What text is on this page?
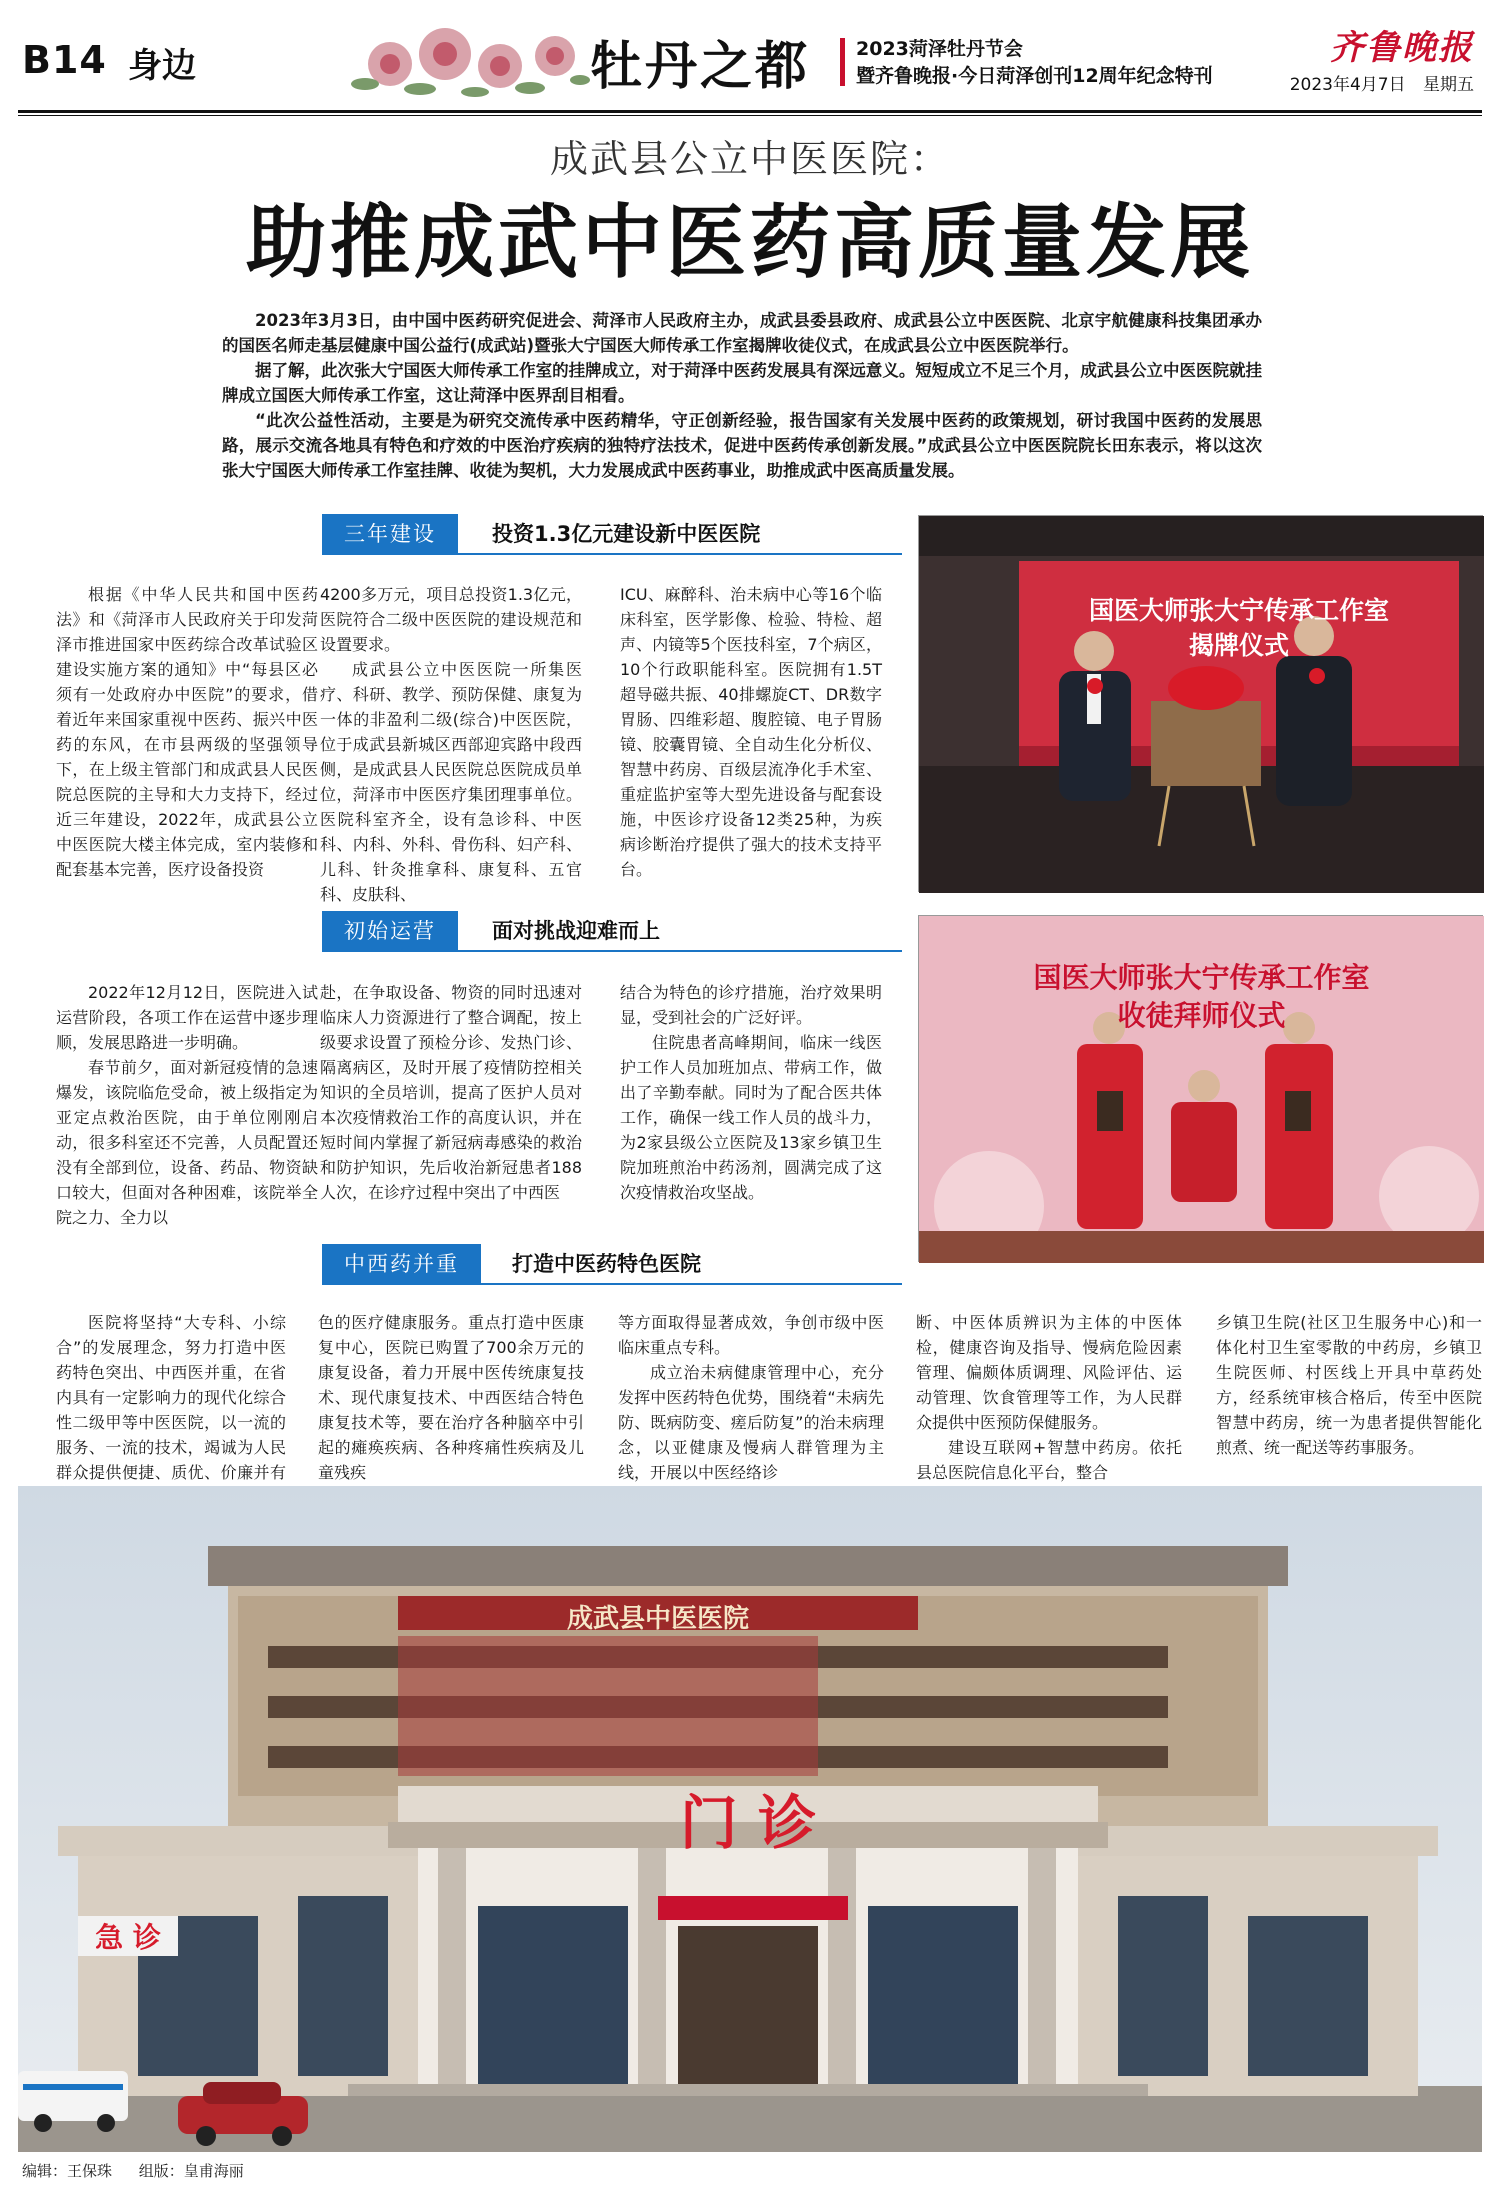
B14 身边	牡丹之都 2023菏泽牡丹节会
暨齐鲁晚报·今日菏泽创刊12周年纪念特刊
齐鲁晚报
2023年4月7日 星期五
成武县公立中医医院：
助推成武中医药高质量发展

2023年3月3日，由中国中医药研究促进会、菏泽市人民政府主办，成武县委县政府、成武县公立中医医院、北京宇航健康科技集团承办的国医名师走基层健康中国公益行(成武站)暨张大宁国医大师传承工作室揭牌收徒仪式，在成武县公立中医医院举行。

据了解，此次张大宁国医大师传承工作室的挂牌成立，对于菏泽中医药发展具有深远意义。短短成立不足三个月，成武县公立中医医院就挂牌成立国医大师传承工作室，这让菏泽中医界刮目相看。

“此次公益性活动，主要是为研究交流传承中医药精华，守正创新经验，报告国家有关发展中医药的政策规划，研讨我国中医药的发展思路，展示交流各地具有特色和疗效的中医治疗疾病的独特疗法技术，促进中医药传承创新发展。”成武县公立中医医院院长田东表示，将以这次张大宁国医大师传承工作室挂牌、收徒为契机，大力发展成武中医药事业，助推成武中医高质量发展。

三年建设	投资1.3亿元建设新中医医院

根据《中华人民共和国中医药法》和《菏泽市人民政府关于印发菏泽市推进国家中医药综合改革试验区建设实施方案的通知》中“每县区必须有一处政府办中医院”的要求，借着近年来国家重视中医药、振兴中医药的东风，在市县两级的坚强领导下，在上级主管部门和成武县人民医院总医院的主导和大力支持下，经过近三年建设，2022年，成武县公立中医医院大楼主体完成，室内装修和配套基本完善，医疗设备投资

4200多万元，项目总投资1.3亿元，医院符合二级中医医院的建设规范和设置要求。

成武县公立中医医院一所集医疗、科研、教学、预防保健、康复为一体的非盈利二级(综合)中医医院，位于成武县新城区西部迎宾路中段西侧，是成武县人民医院总医院成员单位，菏泽市中医医疗集团理事单位。医院科室齐全，设有急诊科、中医科、内科、外科、骨伤科、妇产科、儿科、针灸推拿科、康复科、五官科、皮肤科、

ICU、麻醉科、治未病中心等16个临床科室，医学影像、检验、特检、超声、内镜等5个医技科室，7个病区，10个行政职能科室。医院拥有1.5T超导磁共振、40排螺旋CT、DR数字胃肠、四维彩超、腹腔镜、电子胃肠镜、胶囊胃镜、全自动生化分析仪、智慧中药房、百级层流净化手术室、重症监护室等大型先进设备与配套设施，中医诊疗设备12类25种，为疾病诊断治疗提供了强大的技术支持平台。

国医大师张大宁传承工作室
揭牌仪式
初始运营	面对挑战迎难而上

2022年12月12日，医院进入试运营阶段，各项工作在运营中逐步理顺，发展思路进一步明确。

春节前夕，面对新冠疫情的急速爆发，该院临危受命，被上级指定为亚定点救治医院，由于单位刚刚启动，很多科室还不完善，人员配置还没有全部到位，设备、药品、物资缺口较大，但面对各种困难，该院举全院之力、全力以

赴，在争取设备、物资的同时迅速对临床人力资源进行了整合调配，按上级要求设置了预检分诊、发热门诊、隔离病区，及时开展了疫情防控相关知识的全员培训，提高了医护人员对本次疫情救治工作的高度认识，并在短时间内掌握了新冠病毒感染的救治和防护知识，先后收治新冠患者188人次，在诊疗过程中突出了中西医

结合为特色的诊疗措施，治疗效果明显，受到社会的广泛好评。

住院患者高峰期间，临床一线医护工作人员加班加点、带病工作，做出了辛勤奉献。同时为了配合医共体工作，确保一线工作人员的战斗力，为2家县级公立医院及13家乡镇卫生院加班煎治中药汤剂，圆满完成了这次疫情救治攻坚战。

国医大师张大宁传承工作室
收徒拜师仪式
中西药并重	打造中医药特色医院

医院将坚持“大专科、小综合”的发展理念，努力打造中医药特色突出、中西医并重，在省内具有一定影响力的现代化综合性二级甲等中医医院，以一流的服务、一流的技术，竭诚为人民群众提供便捷、质优、价廉并有

色的医疗健康服务。重点打造中医康复中心，医院已购置了700余万元的康复设备，着力开展中医传统康复技术、现代康复技术、中西医结合特色康复技术等，要在治疗各种脑卒中引起的瘫痪疾病、各种疼痛性疾病及儿童残疾

等方面取得显著成效，争创市级中医临床重点专科。

成立治未病健康管理中心，充分发挥中医药特色优势，围绕着“未病先防、既病防变、瘥后防复”的治未病理念，以亚健康及慢病人群管理为主线，开展以中医经络诊

断、中医体质辨识为主体的中医体检，健康咨询及指导、慢病危险因素管理、偏颇体质调理、风险评估、运动管理、饮食管理等工作，为人民群众提供中医预防保健服务。

建设互联网+智慧中药房。依托县总医院信息化平台，整合

乡镇卫生院(社区卫生服务中心)和一体化村卫生室零散的中药房，乡镇卫生院医师、村医线上开具中草药处方，经系统审核合格后，传至中医院智慧中药房，统一为患者提供智能化煎煮、统一配送等药事服务。

成武县中医医院
门 诊
急 诊
编辑：王保珠 组版：皇甫海丽
